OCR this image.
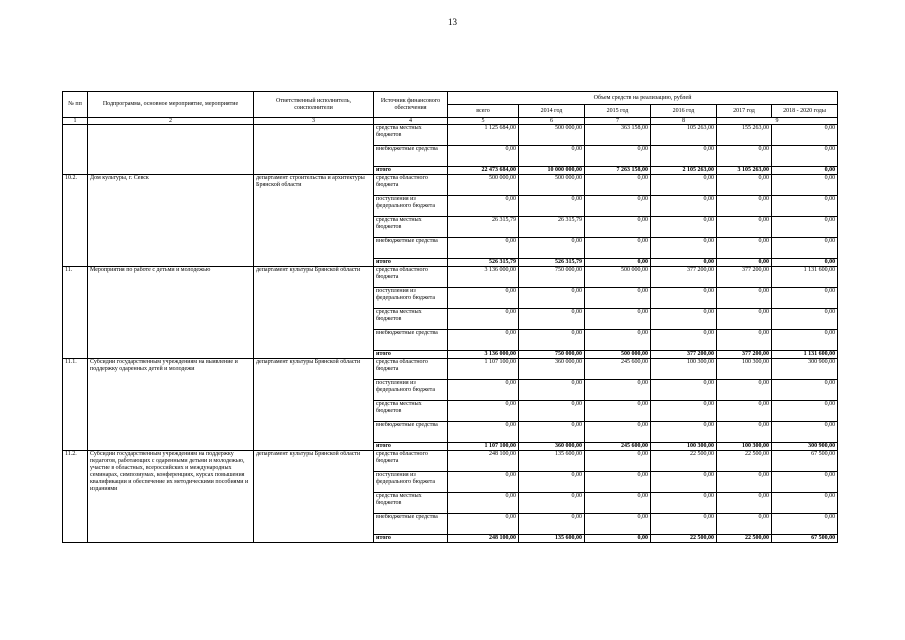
13
№ пп	Подпрограмма, основное мероприятие, мероприятие	Ответственный исполнитель, соисполнители	Источник финансового обеспечения	Объем средств на реализацию, рублей					
				всего	2014 год	2015 год	2016 год	2017 год	2018 - 2020 годы
1	2	3	4	5	6	7	8	9	
			средства местных бюджетов	1 125 684,00	500 000,00	363 158,00	105 263,00	155 263,00	0,00
			внебюджетные средства	0,00	0,00	0,00	0,00	0,00	0,00
			итого	22 473 684,00	10 000 000,00	7 263 158,00	2 105 263,00	3 105 263,00	0,00
10.2.	Дом культуры, г. Севск	департамент строительства и архитектуры Брянской области	средства областного бюджета	500 000,00	500 000,00	0,00	0,00	0,00	0,00
			поступления из федерального бюджета	0,00	0,00	0,00	0,00	0,00	0,00
			средства местных бюджетов	26 315,79	26 315,79	0,00	0,00	0,00	0,00
			внебюджетные средства	0,00	0,00	0,00	0,00	0,00	0,00
			итого	526 315,79	526 315,79	0,00	0,00	0,00	0,00
11.	Мероприятия по работе с детьми и молодежью	департамент культуры Брянской области	средства областного бюджета	3 136 000,00	750 000,00	500 000,00	377 200,00	377 200,00	1 131 600,00
			поступления из федерального бюджета	0,00	0,00	0,00	0,00	0,00	0,00
			средства местных бюджетов	0,00	0,00	0,00	0,00	0,00	0,00
			внебюджетные средства	0,00	0,00	0,00	0,00	0,00	0,00
			итого	3 136 000,00	750 000,00	500 000,00	377 200,00	377 200,00	1 131 600,00
11.1.	Субсидии государственным учреждениям на выявление и поддержку одаренных детей и молодежи	департамент культуры Брянской области	средства областного бюджета	1 107 100,00	360 000,00	245 600,00	100 300,00	100 300,00	300 900,00
			поступления из федерального бюджета	0,00	0,00	0,00	0,00	0,00	0,00
			средства местных бюджетов	0,00	0,00	0,00	0,00	0,00	0,00
			внебюджетные средства	0,00	0,00	0,00	0,00	0,00	0,00
			итого	1 107 100,00	360 000,00	245 600,00	100 300,00	100 300,00	300 900,00
11.2.	Субсидии государственным учреждениям на поддержку педагогов, работающих с одаренными детьми и молодежью, участие в областных, всероссийских и международных семинарах, симпозиумах, конференциях, курсах повышения квалификации и обеспечение их методическими пособиями и изданиями	департамент культуры Брянской области	средства областного бюджета	248 100,00	135 600,00	0,00	22 500,00	22 500,00	67 500,00
			поступления из федерального бюджета	0,00	0,00	0,00	0,00	0,00	0,00
			средства местных бюджетов	0,00	0,00	0,00	0,00	0,00	0,00
			внебюджетные средства	0,00	0,00	0,00	0,00	0,00	0,00
			итого	248 100,00	135 600,00	0,00	22 500,00	22 500,00	67 500,00
